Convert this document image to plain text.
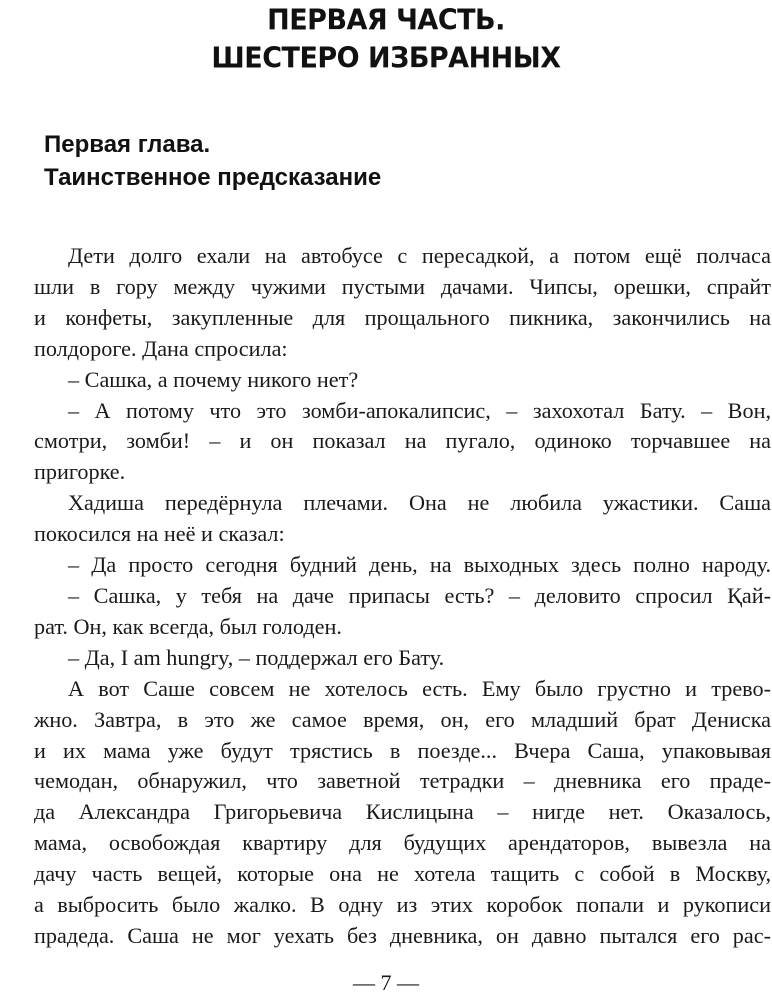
ПЕРВАЯ ЧАСТЬ.
ШЕСТЕРО ИЗБРАННЫХ
Первая глава.
Таинственное предсказание
Дети долго ехали на автобусе с пересадкой, а потом ещё полчаса
шли в гору между чужими пустыми дачами. Чипсы, орешки, спрайт
и конфеты, закупленные для прощального пикника, закончились на
полдороге. Дана спросила:
– Сашка, а почему никого нет?
– А потому что это зомби-апокалипсис, – захохотал Бату. – Вон,
смотри, зомби! – и он показал на пугало, одиноко торчавшее на
пригорке.
Хадиша передёрнула плечами. Она не любила ужастики. Саша
покосился на неё и сказал:
– Да просто сегодня будний день, на выходных здесь полно народу.
– Сашка, у тебя на даче припасы есть? – деловито спросил Қай-
рат. Он, как всегда, был голоден.
– Да, I am hungry, – поддержал его Бату.
А вот Саше совсем не хотелось есть. Ему было грустно и трево-
жно. Завтра, в это же самое время, он, его младший брат Дениска
и их мама уже будут трястись в поезде... Вчера Саша, упаковывая
чемодан, обнаружил, что заветной тетрадки – дневника его праде-
да Александра Григорьевича Кислицына – нигде нет. Оказалось,
мама, освобождая квартиру для будущих арендаторов, вывезла на
дачу часть вещей, которые она не хотела тащить с собой в Москву,
а выбросить было жалко. В одну из этих коробок попали и рукописи
прадеда. Саша не мог уехать без дневника, он давно пытался его рас-
— 7 —
